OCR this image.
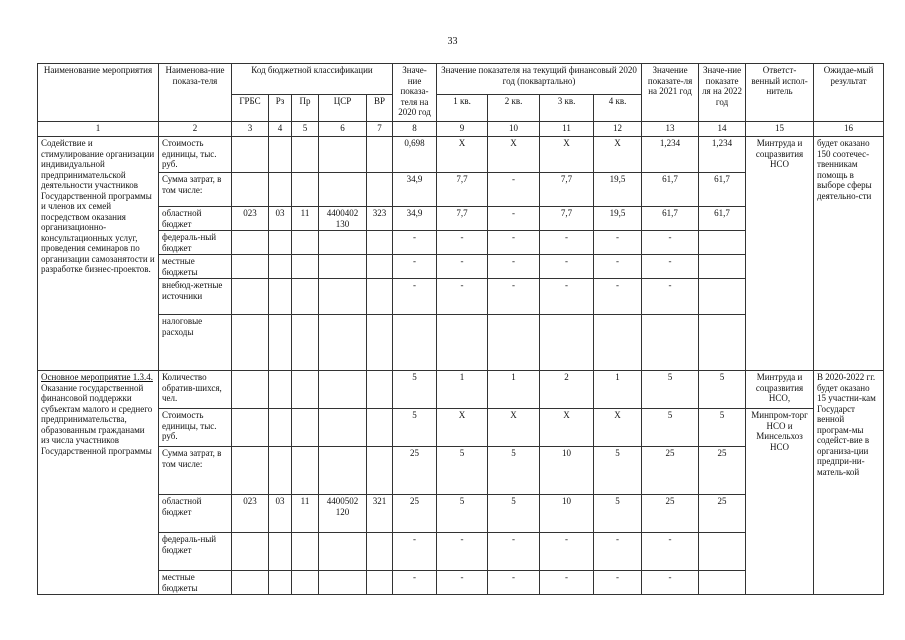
33
Наименование мероприятия	Наименова-ние показа-теля	Код бюджетной классификации					Значе-ние показа-теля на 2020 год	Значение показателя на текущий финансовый 2020 год (поквартально)				Значение показате-ля на 2021 год	Значе-ние показате ля на 2022 год	Ответст-венный испол-нитель	Ожидае-мый результат
		ГРБС	Рз	Пр	ЦСР	ВР		1 кв.	2 кв.	3 кв.	4 кв.				
1	2	3	4	5	6	7	8	9	10	11	12	13	14	15	16
Содействие и стимулирование организации индивидуальной предпринимательской деятельности участников Государственной программы и членов их семей посредством оказания организационно-консультационных услуг, проведения семинаров по организации самозанятости и разработке бизнес-проектов.	Стоимость единицы, тыс. руб.						0,698	Х	Х	Х	Х	1,234	1,234	Минтруда и соцразвития НСО	будет оказано 150 соотечес-твенникам помощь в выборе сферы деятельно-сти
	Сумма затрат, в том числе:						34,9	7,7	-	7,7	19,5	61,7	61,7		
	областной бюджет	023	03	11	4400402 130	323	34,9	7,7	-	7,7	19,5	61,7	61,7		
	федераль-ный бюджет						-	-	-	-	-	-			
	местные бюджеты						-	-	-	-	-	-			
	внебюд-жетные источники						-	-	-	-	-	-			
	налоговые расходы														
Основное мероприятие 1.3.4.
Оказание государственной финансовой поддержки субъектам малого и среднего предпринимательства, образованным гражданами из числа участников Государственной программы	Количество обратив-шихся, чел.						5	1	1	2	1	5	5	Минтруда и соцразвития НСО,	В 2020-2022 гг. будет оказано 15 участни-кам Государст венной програм-мы содейст-вие в организа-ции предпри-ни-матель-кой
	Стоимость единицы, тыс. руб.						5	Х	Х	Х	Х	5	5	Минпром-торг НСО и Минсельхоз НСО	
	Сумма затрат, в том числе:						25	5	5	10	5	25	25		
	областной бюджет	023	03	11	4400502 120	321	25	5	5	10	5	25	25		
	федераль-ный бюджет						-	-	-	-	-	-			
	местные бюджеты						-	-	-	-	-	-			
